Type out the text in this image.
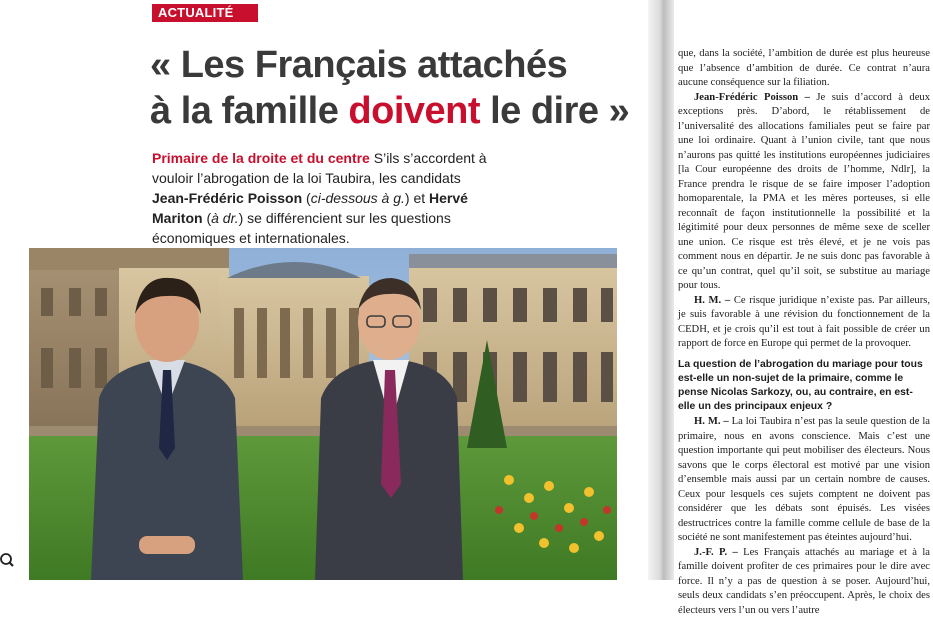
ACTUALITÉ
« Les Français attachés
à la famille doivent le dire »

Primaire de la droite et du centre S’ils s’accordent à vouloir l’abrogation de la loi Taubira, les candidats Jean-Frédéric Poisson (ci-dessous à g.) et Hervé Mariton (à dr.) se différencient sur les questions économiques et internationales.

que, dans la société, l’ambition de durée est plus heureuse que l’absence d’ambition de durée. Ce contrat n’aura aucune conséquence sur la filiation.

Jean-Frédéric Poisson – Je suis d’accord à deux exceptions près. D’abord, le rétablissement de l’universalité des allocations familiales peut se faire par une loi ordinaire. Quant à l’union civile, tant que nous n’aurons pas quitté les institutions européennes judiciaires [la Cour européenne des droits de l’homme, Ndlr], la France prendra le risque de se faire imposer l’adoption homoparentale, la PMA et les mères porteuses, si elle reconnaît de façon institutionnelle la possibilité et la légitimité pour deux personnes de même sexe de sceller une union. Ce risque est très élevé, et je ne vois pas comment nous en départir. Je ne suis donc pas favorable à ce qu’un contrat, quel qu’il soit, se substitue au mariage pour tous.

H. M. – Ce risque juridique n’existe pas. Par ailleurs, je suis favorable à une révision du fonctionnement de la CEDH, et je crois qu’il est tout à fait possible de créer un rapport de force en Europe qui permet de la provoquer.

La question de l’abrogation du mariage pour tous est-elle un non-sujet de la primaire, comme le pense Nicolas Sarkozy, ou, au contraire, en est-elle un des principaux enjeux ?

H. M. – La loi Taubira n’est pas la seule question de la primaire, nous en avons conscience. Mais c’est une question importante qui peut mobiliser des électeurs. Nous savons que le corps électoral est motivé par une vision d’ensemble mais aussi par un certain nombre de causes. Ceux pour lesquels ces sujets comptent ne doivent pas considérer que les débats sont épuisés. Les visées destructrices contre la famille comme cellule de base de la société ne sont manifestement pas éteintes aujourd’hui.

J.-F. P. – Les Français attachés au mariage et à la famille doivent profiter de ces primaires pour le dire avec force. Il n’y a pas de question à se poser. Aujourd’hui, seuls deux candidats s’en préoccupent. Après, le choix des électeurs vers l’un ou vers l’autre
